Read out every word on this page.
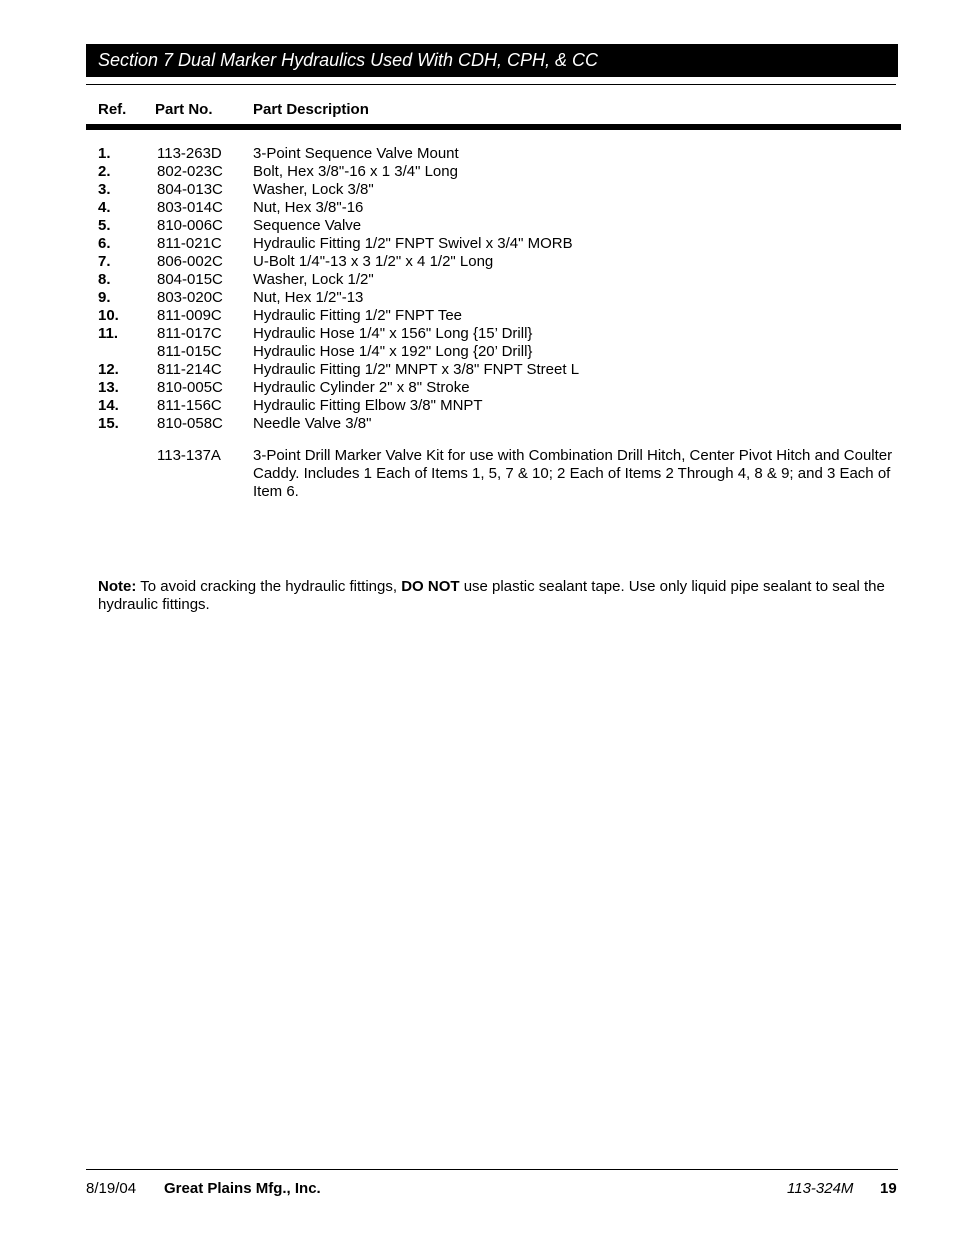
Section 7 Dual Marker Hydraulics Used With CDH, CPH, & CC
Ref. Part No.	Part Description
1.	113-263D 3-Point Sequence Valve Mount
2.	802-023C Bolt, Hex 3/8"-16 x 1 3/4" Long
3.	804-013C Washer, Lock 3/8"
4.	803-014C Nut, Hex 3/8"-16
5.	810-006C Sequence Valve
6.	811-021C Hydraulic Fitting 1/2" FNPT Swivel x 3/4" MORB
7.	806-002C U-Bolt 1/4"-13 x 3 1/2" x 4 1/2" Long
8.	804-015C Washer, Lock 1/2"
9.	803-020C Nut, Hex 1/2"-13
10.	811-009C Hydraulic Fitting 1/2" FNPT Tee
11.	811-017C Hydraulic Hose 1/4" x 156" Long {15’ Drill}
811-015C Hydraulic Hose 1/4" x 192" Long {20’ Drill}
12.	811-214C Hydraulic Fitting 1/2" MNPT x 3/8" FNPT Street L
13.	810-005C Hydraulic Cylinder 2" x 8" Stroke
14.	811-156C Hydraulic Fitting Elbow 3/8" MNPT
15.	810-058C Needle Valve 3/8"
113-137A 3-Point Drill Marker Valve Kit for use with Combination Drill Hitch, Center Pivot Hitch and Coulter Caddy. Includes 1 Each of Items 1, 5, 7 & 10; 2 Each of Items 2 Through 4, 8 & 9; and 3 Each of Item 6.
Note: To avoid cracking the hydraulic fittings, DO NOT use plastic sealant tape. Use only liquid pipe sealant to seal the hydraulic fittings.
8/19/04 Great Plains Mfg., Inc.	113-324M 19
